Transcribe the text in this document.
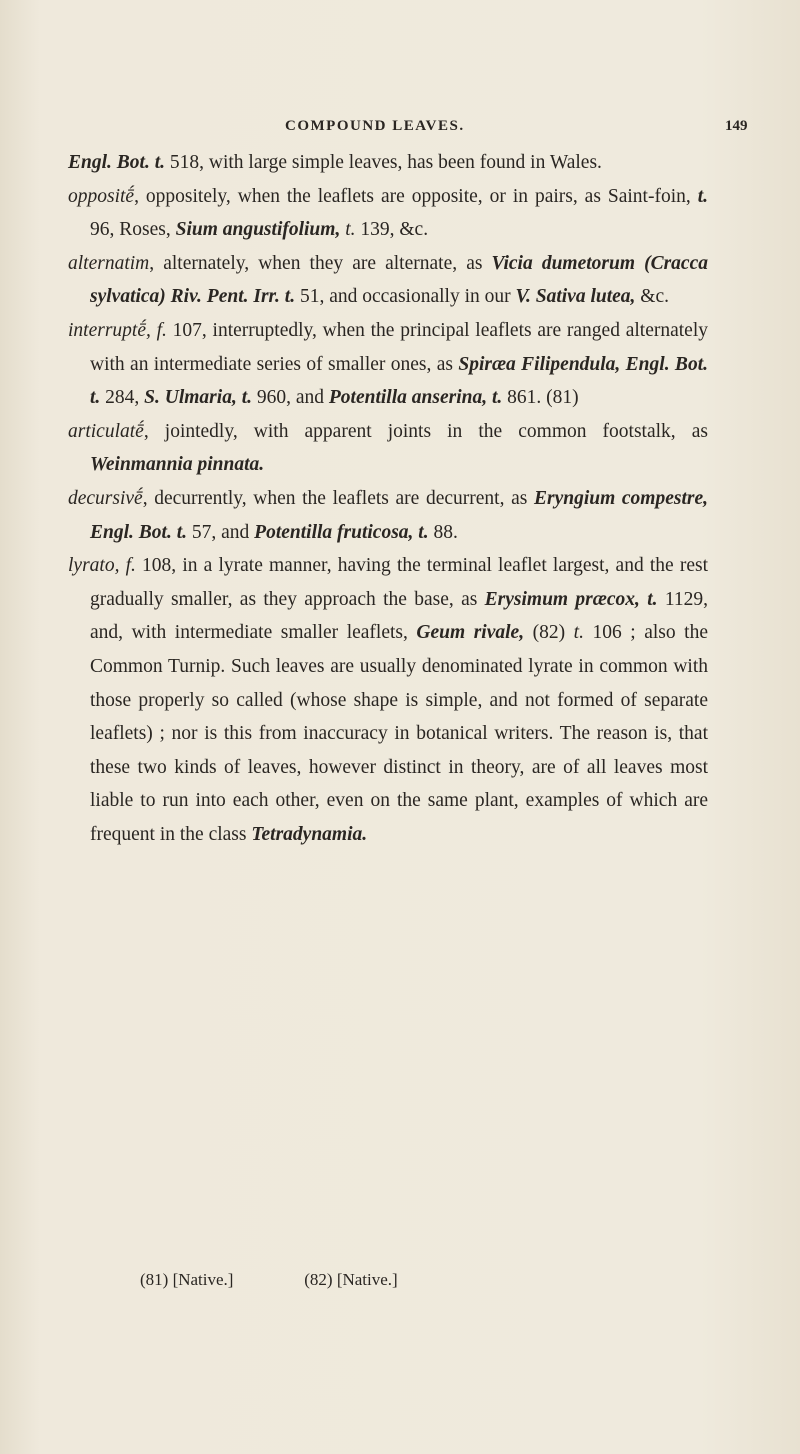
COMPOUND LEAVES.	149

Engl. Bot. t. 518, with large simple leaves, has been found in Wales.

oppositḗ, oppositely, when the leaflets are opposite, or in pairs, as Saint-foin, t. 96, Roses, Sium angustifolium, t. 139, &c.

alternatim, alternately, when they are alternate, as Vicia dumetorum (Cracca sylvatica) Riv. Pent. Irr. t. 51, and occasionally in our V. Sativa lutea, &c.

interruptḗ, f. 107, interruptedly, when the principal leaflets are ranged alternately with an intermediate series of smaller ones, as Spiræa Filipendula, Engl. Bot. t. 284, S. Ulmaria, t. 960, and Potentilla anserina, t. 861. (81)

articulatḗ, jointedly, with apparent joints in the common footstalk, as Weinmannia pinnata.

decursivḗ, decurrently, when the leaflets are decurrent, as Eryngium compestre, Engl. Bot. t. 57, and Potentilla fruticosa, t. 88.

lyrato, f. 108, in a lyrate manner, having the terminal leaflet largest, and the rest gradually smaller, as they approach the base, as Erysimum præcox, t. 1129, and, with intermediate smaller leaflets, Geum rivale, (82) t. 106 ; also the Common Turnip. Such leaves are usually denominated lyrate in common with those properly so called (whose shape is simple, and not formed of separate leaflets) ; nor is this from inaccuracy in botanical writers. The reason is, that these two kinds of leaves, however distinct in theory, are of all leaves most liable to run into each other, even on the same plant, examples of which are frequent in the class Tetradynamia.

(81) [Native.]	(82) [Native.]
